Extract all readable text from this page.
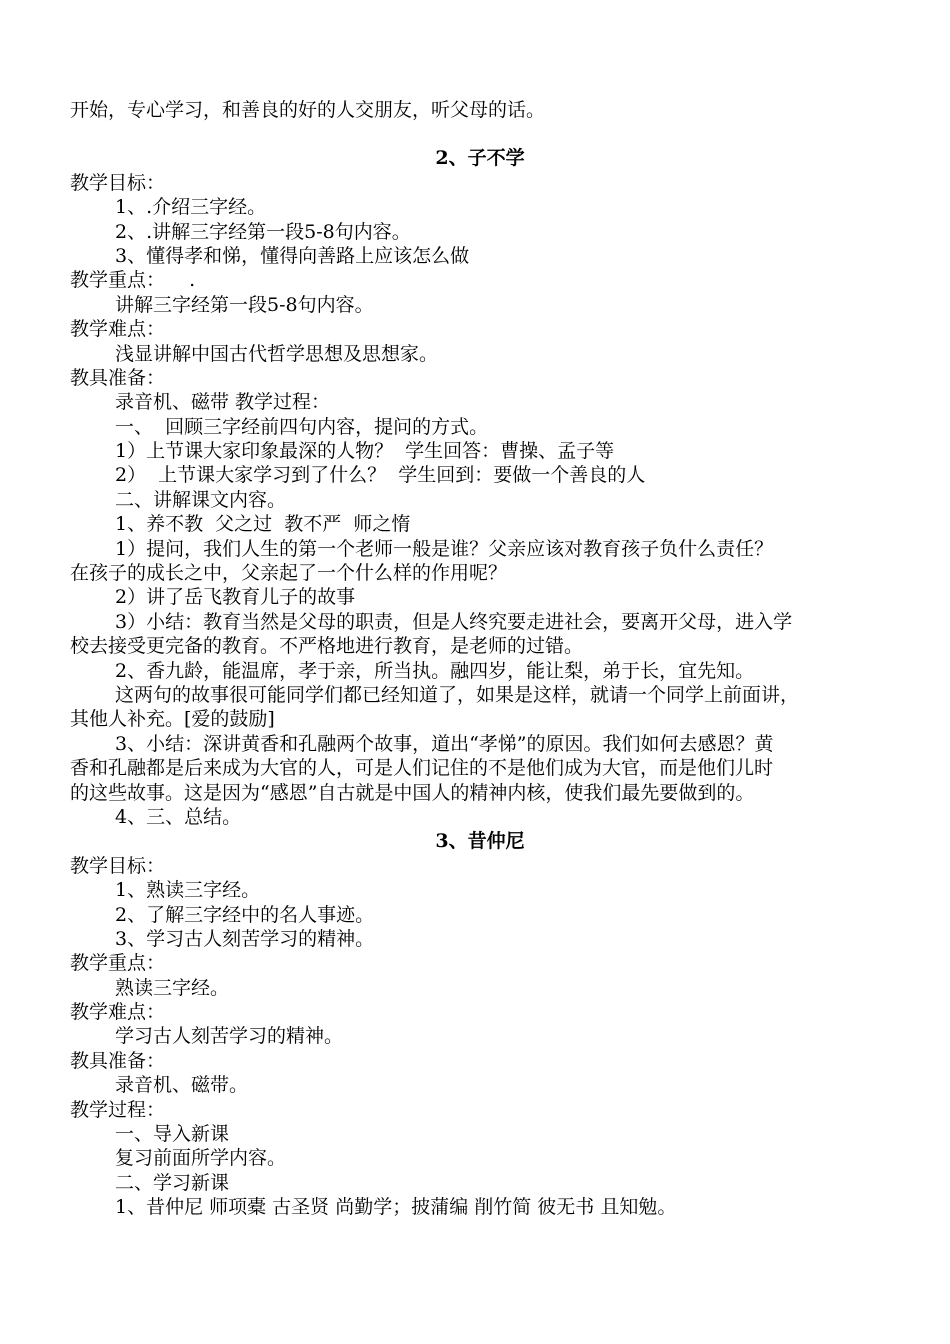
开始，专心学习，和善良的好的人交朋友，听父母的话。
2、子不学
教学目标：
1、.介绍三字经。
2、.讲解三字经第一段5-8句内容。
3、懂得孝和悌，懂得向善路上应该怎么做
教学重点：    .
讲解三字经第一段5-8句内容。
教学难点：
浅显讲解中国古代哲学思想及思想家。
教具准备：
录音机、磁带 教学过程：
一、  回顾三字经前四句内容，提问的方式。
1）上节课大家印象最深的人物？  学生回答：曹操、孟子等
2）  上节课大家学习到了什么？  学生回到：要做一个善良的人
二、讲解课文内容。
1、养不教  父之过  教不严  师之惰
1）提问，我们人生的第一个老师一般是谁？父亲应该对教育孩子负什么责任？
在孩子的成长之中，父亲起了一个什么样的作用呢？
2）讲了岳飞教育儿子的故事
3）小结：教育当然是父母的职责，但是人终究要走进社会，要离开父母，进入学
校去接受更完备的教育。不严格地进行教育，是老师的过错。
2、香九龄，能温席，孝于亲，所当执。融四岁，能让梨，弟于长，宜先知。
这两句的故事很可能同学们都已经知道了，如果是这样，就请一个同学上前面讲，
其他人补充。[爱的鼓励]
3、小结：深讲黄香和孔融两个故事，道出“孝悌”的原因。我们如何去感恩？黄
香和孔融都是后来成为大官的人，可是人们记住的不是他们成为大官，而是他们儿时
的这些故事。这是因为“感恩”自古就是中国人的精神内核，使我们最先要做到的。
4、三、总结。
3、昔仲尼
教学目标：
1、熟读三字经。
2、了解三字经中的名人事迹。
3、学习古人刻苦学习的精神。
教学重点：
熟读三字经。
教学难点：
学习古人刻苦学习的精神。
教具准备：
录音机、磁带。
教学过程：
一、导入新课
复习前面所学内容。
二、学习新课
1、昔仲尼 师项橐 古圣贤 尚勤学；披蒲编 削竹简 彼无书 且知勉。
